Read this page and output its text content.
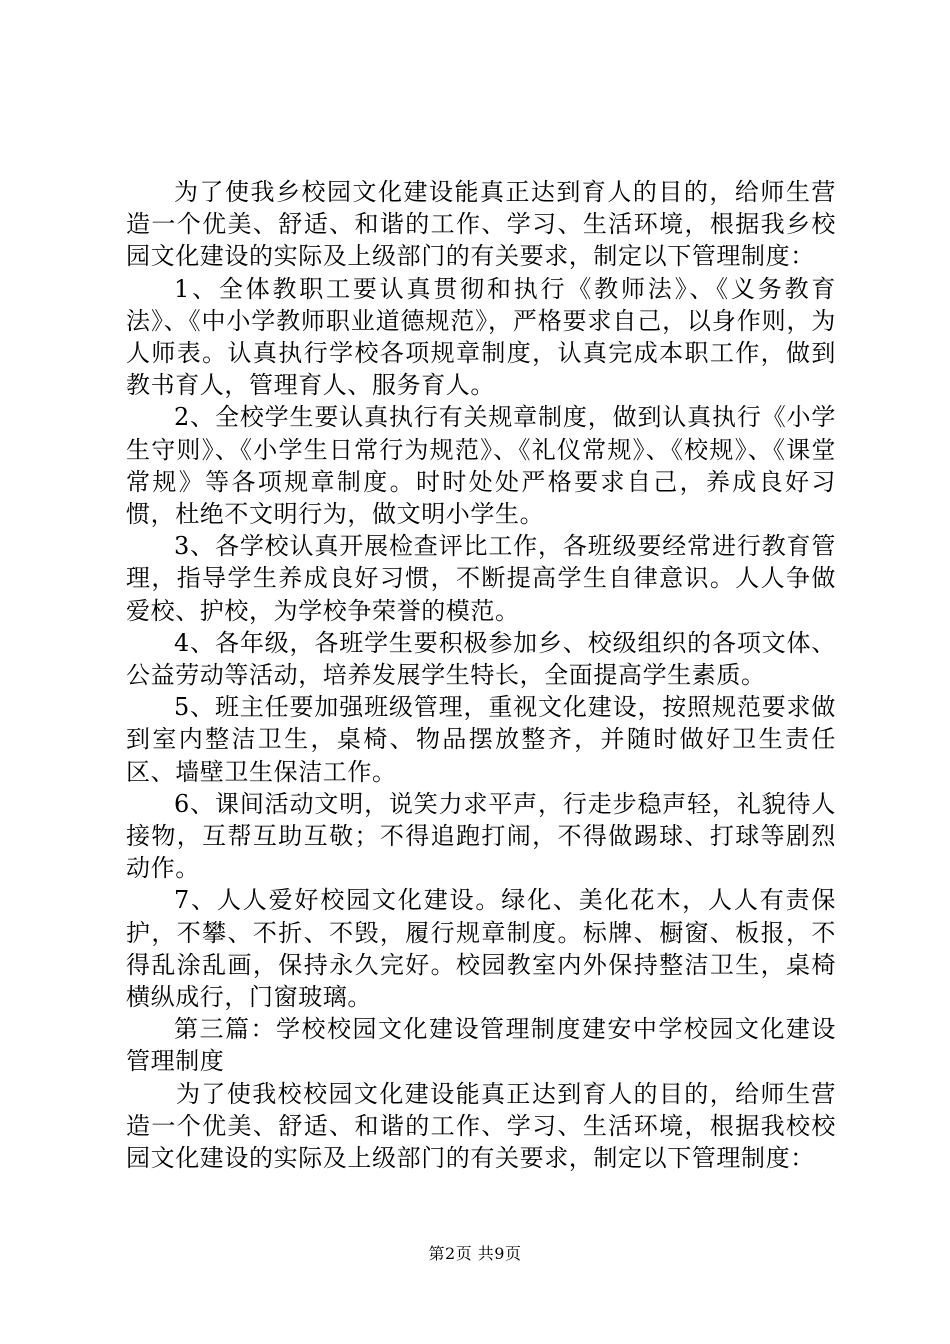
为了使我乡校园文化建设能真正达到育人的目的，给师生营造一个优美、舒适、和谐的工作、学习、生活环境，根据我乡校园文化建设的实际及上级部门的有关要求，制定以下管理制度：

1、全体教职工要认真贯彻和执行《教师法》、《义务教育法》、《中小学教师职业道德规范》，严格要求自己，以身作则，为人师表。认真执行学校各项规章制度，认真完成本职工作，做到教书育人，管理育人、服务育人。

2、全校学生要认真执行有关规章制度，做到认真执行《小学生守则》、《小学生日常行为规范》、《礼仪常规》、《校规》、《课堂常规》等各项规章制度。时时处处严格要求自己，养成良好习惯，杜绝不文明行为，做文明小学生。

3、各学校认真开展检查评比工作，各班级要经常进行教育管理，指导学生养成良好习惯，不断提高学生自律意识。人人争做爱校、护校，为学校争荣誉的模范。

4、各年级，各班学生要积极参加乡、校级组织的各项文体、公益劳动等活动，培养发展学生特长，全面提高学生素质。

5、班主任要加强班级管理，重视文化建设，按照规范要求做到室内整洁卫生，桌椅、物品摆放整齐，并随时做好卫生责任区、墙壁卫生保洁工作。

6、课间活动文明，说笑力求平声，行走步稳声轻，礼貌待人接物，互帮互助互敬；不得追跑打闹，不得做踢球、打球等剧烈动作。

7、人人爱好校园文化建设。绿化、美化花木，人人有责保护，不攀、不折、不毁，履行规章制度。标牌、橱窗、板报，不得乱涂乱画，保持永久完好。校园教室内外保持整洁卫生，桌椅横纵成行，门窗玻璃。

第三篇：学校校园文化建设管理制度建安中学校园文化建设管理制度

为了使我校校园文化建设能真正达到育人的目的，给师生营造一个优美、舒适、和谐的工作、学习、生活环境，根据我校校园文化建设的实际及上级部门的有关要求，制定以下管理制度：

第2页 共9页
